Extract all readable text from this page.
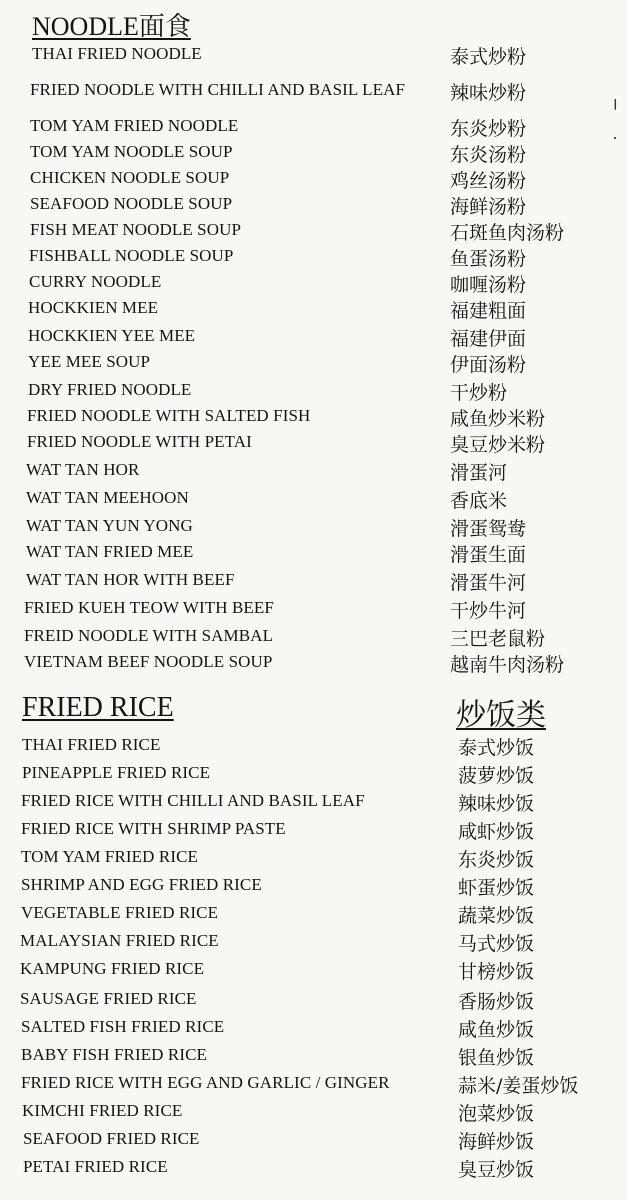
NOODLE面食
THAI FRIED NOODLE	泰式炒粉
FRIED NOODLE WITH CHILLI AND BASIL LEAF 辣味炒粉
TOM YAM FRIED NOODLE	东炎炒粉
TOM YAM NOODLE SOUP	东炎汤粉
CHICKEN NOODLE SOUP	鸡丝汤粉
SEAFOOD NOODLE SOUP	海鲜汤粉
FISH MEAT NOODLE SOUP	石斑鱼肉汤粉
FISHBALL NOODLE SOUP	鱼蛋汤粉
CURRY NOODLE	咖喱汤粉
HOCKKIEN MEE	福建粗面
HOCKKIEN YEE MEE	福建伊面
YEE MEE SOUP	伊面汤粉
DRY FRIED NOODLE	干炒粉
FRIED NOODLE WITH SALTED FISH	咸鱼炒米粉
FRIED NOODLE WITH PETAI	臭豆炒米粉
WAT TAN HOR	滑蛋河
WAT TAN MEEHOON	香底米
WAT TAN YUN YONG	滑蛋鸳鸯
WAT TAN FRIED MEE	滑蛋生面
WAT TAN HOR WITH BEEF	滑蛋牛河
FRIED KUEH TEOW WITH BEEF	干炒牛河
FREID NOODLE WITH SAMBAL	三巴老鼠粉
VIETNAM BEEF NOODLE SOUP	越南牛肉汤粉
FRIED RICE	炒饭类
THAI FRIED RICE	泰式炒饭
PINEAPPLE FRIED RICE	菠萝炒饭
FRIED RICE WITH CHILLI AND BASIL LEAF	辣味炒饭
FRIED RICE WITH SHRIMP PASTE	咸虾炒饭
TOM YAM FRIED RICE	东炎炒饭
SHRIMP AND EGG FRIED RICE	虾蛋炒饭
VEGETABLE FRIED RICE	蔬菜炒饭
MALAYSIAN FRIED RICE	马式炒饭
KAMPUNG FRIED RICE	甘榜炒饭
SAUSAGE FRIED RICE	香肠炒饭
SALTED FISH FRIED RICE	咸鱼炒饭
BABY FISH FRIED RICE	银鱼炒饭
FRIED RICE WITH EGG AND GARLIC / GINGER	蒜米/姜蛋炒饭
KIMCHI FRIED RICE	泡菜炒饭
SEAFOOD FRIED RICE	海鲜炒饭
PETAI FRIED RICE	臭豆炒饭
╵
·
